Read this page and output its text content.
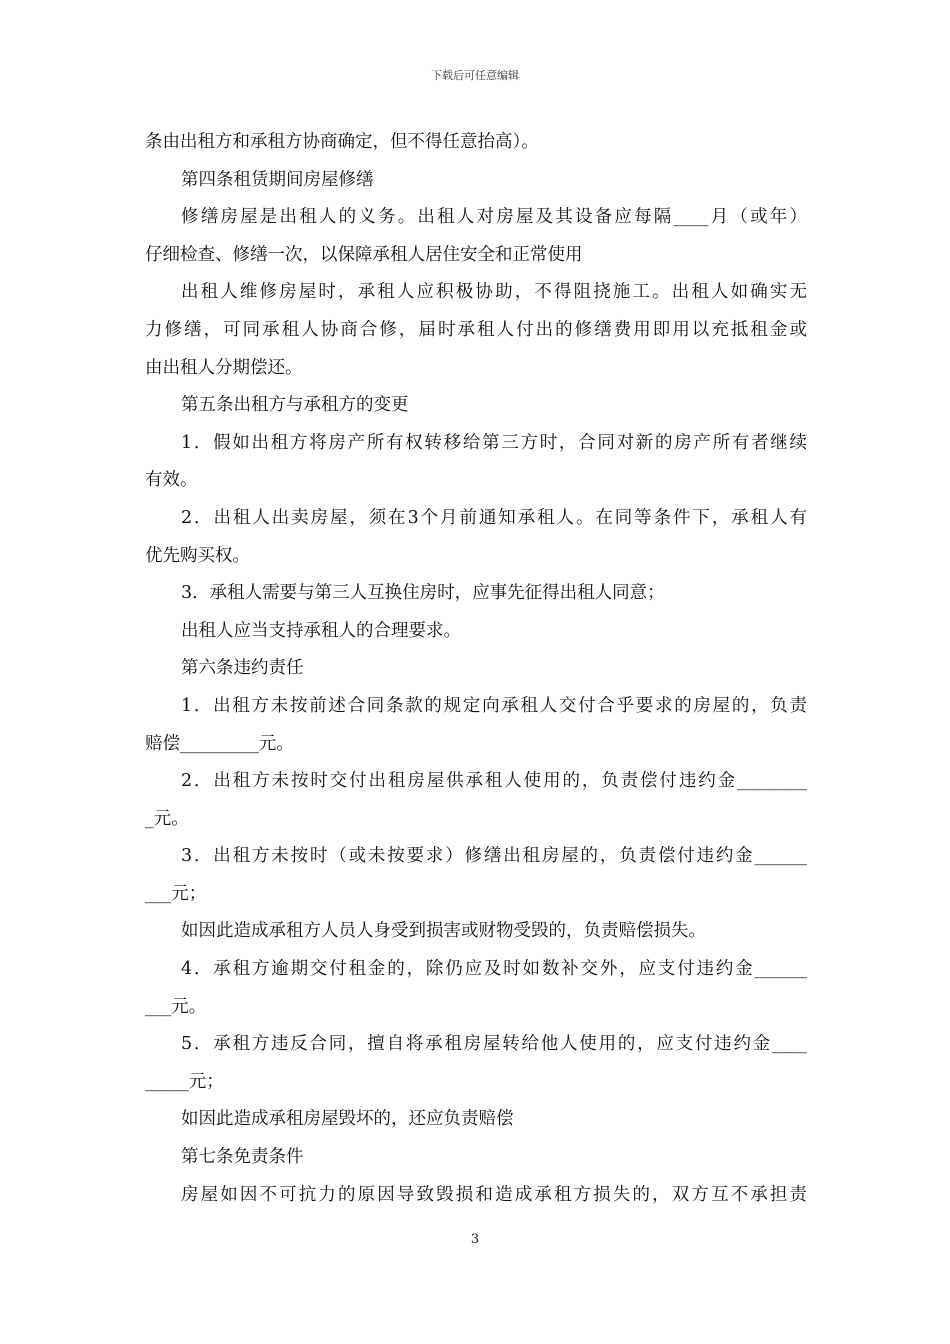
下载后可任意编辑
条由出租方和承租方协商确定，但不得任意抬高）。
第四条租赁期间房屋修缮
修缮房屋是出租人的义务。出租人对房屋及其设备应每隔____月（或年）
仔细检查、修缮一次，以保障承租人居住安全和正常使用
出租人维修房屋时，承租人应积极协助，不得阻挠施工。出租人如确实无
力修缮，可同承租人协商合修，届时承租人付出的修缮费用即用以充抵租金或
由出租人分期偿还。
第五条出租方与承租方的变更
1．假如出租方将房产所有权转移给第三方时，合同对新的房产所有者继续
有效。
2．出租人出卖房屋，须在3个月前通知承租人。在同等条件下，承租人有
优先购买权。
3．承租人需要与第三人互换住房时，应事先征得出租人同意；
出租人应当支持承租人的合理要求。
第六条违约责任
1．出租方未按前述合同条款的规定向承租人交付合乎要求的房屋的，负责
赔偿_________元。
2．出租方未按时交付出租房屋供承租人使用的，负责偿付违约金________
_元。
3．出租方未按时（或未按要求）修缮出租房屋的，负责偿付违约金______
___元；
如因此造成承租方人员人身受到损害或财物受毁的，负责赔偿损失。
4．承租方逾期交付租金的，除仍应及时如数补交外，应支付违约金______
___元。
5．承租方违反合同，擅自将承租房屋转给他人使用的，应支付违约金____
_____元；
如因此造成承租房屋毁坏的，还应负责赔偿
第七条免责条件
房屋如因不可抗力的原因导致毁损和造成承租方损失的，双方互不承担责
3
